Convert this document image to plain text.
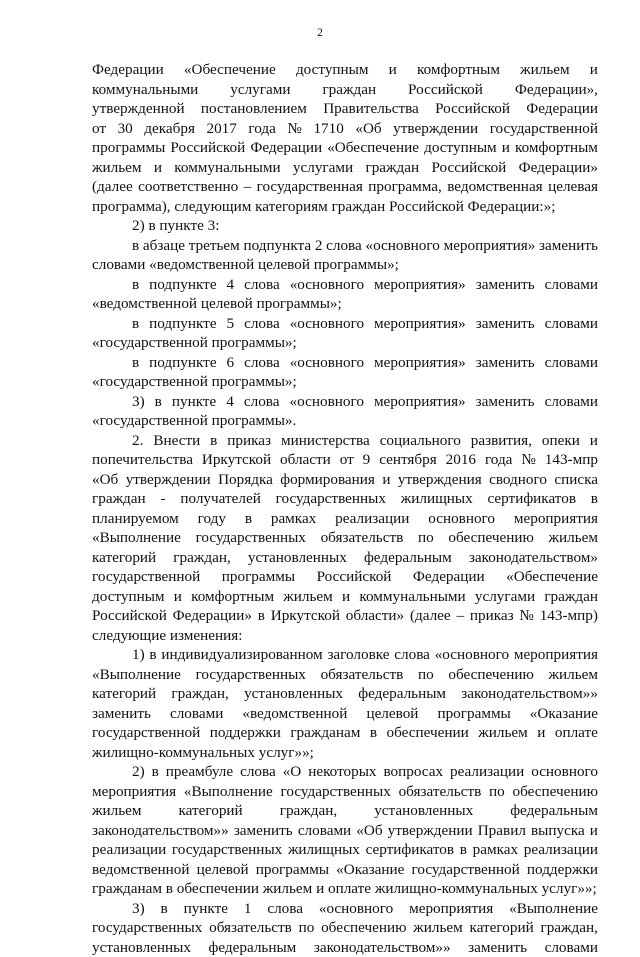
2
Федерации «Обеспечение доступным и комфортным жильем и
коммунальными услугами граждан Российской Федерации»,
утвержденной постановлением Правительства Российской Федерации
от 30 декабря 2017 года № 1710 «Об утверждении государственной
программы Российской Федерации «Обеспечение доступным и комфортным
жильем и коммунальными услугами граждан Российской Федерации»
(далее соответственно – государственная программа, ведомственная целевая
программа), следующим категориям граждан Российской Федерации:»;
2) в пункте 3:
в абзаце третьем подпункта 2 слова «основного мероприятия» заменить
словами «ведомственной целевой программы»;
в подпункте 4 слова «основного мероприятия» заменить словами
«ведомственной целевой программы»;
в подпункте 5 слова «основного мероприятия» заменить словами
«государственной программы»;
в подпункте 6 слова «основного мероприятия» заменить словами
«государственной программы»;
3) в пункте 4 слова «основного мероприятия» заменить словами
«государственной программы».
2. Внести в приказ министерства социального развития, опеки и
попечительства Иркутской области от 9 сентября 2016 года № 143-мпр
«Об утверждении Порядка формирования и утверждения сводного списка
граждан - получателей государственных жилищных сертификатов в
планируемом году в рамках реализации основного мероприятия
«Выполнение государственных обязательств по обеспечению жильем
категорий граждан, установленных федеральным законодательством»
государственной программы Российской Федерации «Обеспечение
доступным и комфортным жильем и коммунальными услугами граждан
Российской Федерации» в Иркутской области» (далее – приказ № 143-мпр)
следующие изменения:
1) в индивидуализированном заголовке слова «основного мероприятия
«Выполнение государственных обязательств по обеспечению жильем
категорий граждан, установленных федеральным законодательством»»
заменить словами «ведомственной целевой программы «Оказание
государственной поддержки гражданам в обеспечении жильем и оплате
жилищно-коммунальных услуг»»;
2) в преамбуле слова «О некоторых вопросах реализации основного
мероприятия «Выполнение государственных обязательств по обеспечению
жильем категорий граждан, установленных федеральным
законодательством»» заменить словами «Об утверждении Правил выпуска и
реализации государственных жилищных сертификатов в рамках реализации
ведомственной целевой программы «Оказание государственной поддержки
гражданам в обеспечении жильем и оплате жилищно-коммунальных услуг»»;
3) в пункте 1 слова «основного мероприятия «Выполнение
государственных обязательств по обеспечению жильем категорий граждан,
установленных федеральным законодательством»» заменить словами
